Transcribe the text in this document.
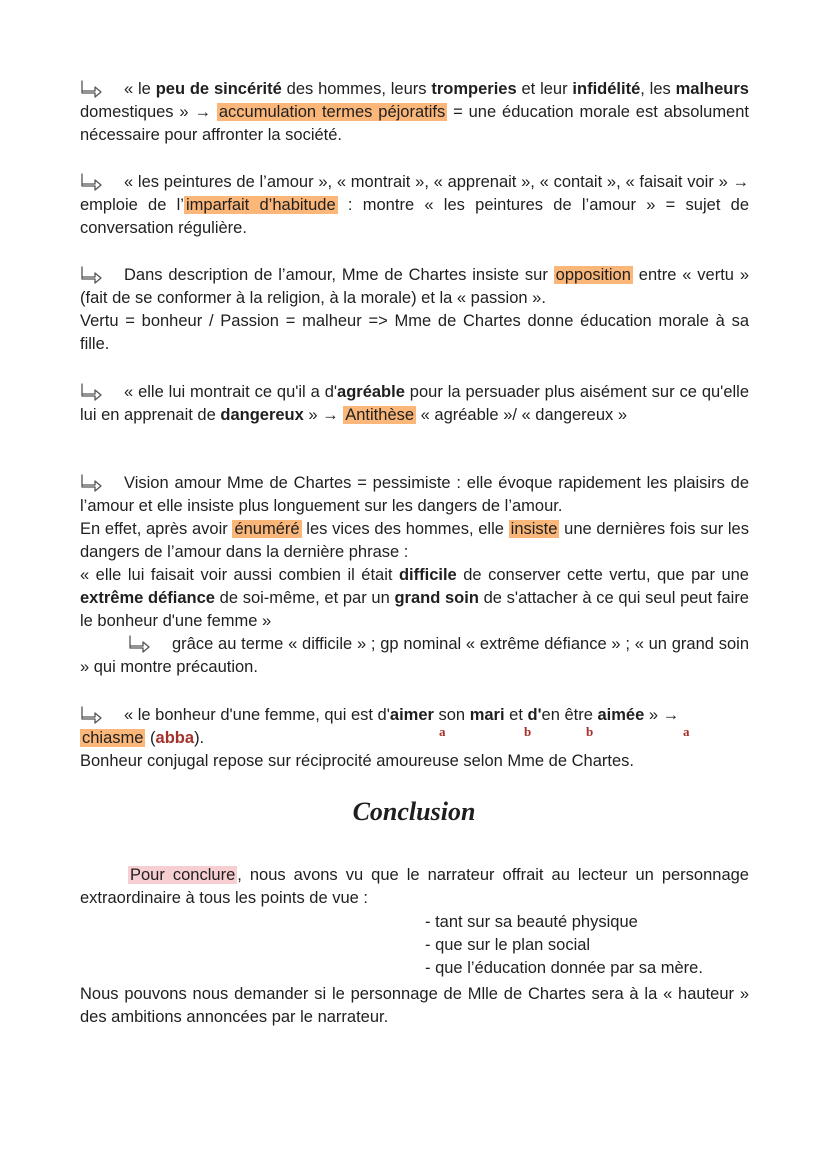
« le peu de sincérité des hommes, leurs tromperies et leur infidélité, les malheurs domestiques » → accumulation termes péjoratifs = une éducation morale est absolument nécessaire pour affronter la société.

« les peintures de l’amour », « montrait », « apprenait », « contait », « faisait voir » → emploie de l’ imparfait d’habitude : montre « les peintures de l’amour » = sujet de conversation régulière.

Dans description de l’amour, Mme de Chartes insiste sur opposition entre « vertu » (fait de se conformer à la religion, à la morale) et la « passion ».
Vertu = bonheur / Passion = malheur => Mme de Chartes donne éducation morale à sa fille.

« elle lui montrait ce qu'il a d'agréable pour la persuader plus aisément sur ce qu'elle lui en apprenait de dangereux » → Antithèse « agréable »/ « dangereux »

Vision amour Mme de Chartes = pessimiste : elle évoque rapidement les plaisirs de l’amour et elle insiste plus longuement sur les dangers de l’amour.
En effet, après avoir énuméré les vices des hommes, elle insiste une dernières fois sur les dangers de l’amour dans la dernière phrase :
« elle lui faisait voir aussi combien il était difficile de conserver cette vertu, que par une extrême défiance de soi-même, et par un grand soin de s'attacher à ce qui seul peut faire le bonheur d'une femme »

grâce au terme « difficile » ; gp nominal « extrême défiance » ; « un grand soin » qui montre précaution.

« le bonheur d'une femme, qui est d'aimer son mari et d'en être aimée » →
chiasme (abba).
Bonheur conjugal repose sur réciprocité amoureuse selon Mme de Chartes.

a	b	b	a
Conclusion

Pour conclure , nous avons vu que le narrateur offrait au lecteur un personnage extraordinaire à tous les points de vue :

- tant sur sa beauté physique
- que sur le plan social
- que l’éducation donnée par sa mère.

Nous pouvons nous demander si le personnage de Mlle de Chartes sera à la « hauteur » des ambitions annoncées par le narrateur.
